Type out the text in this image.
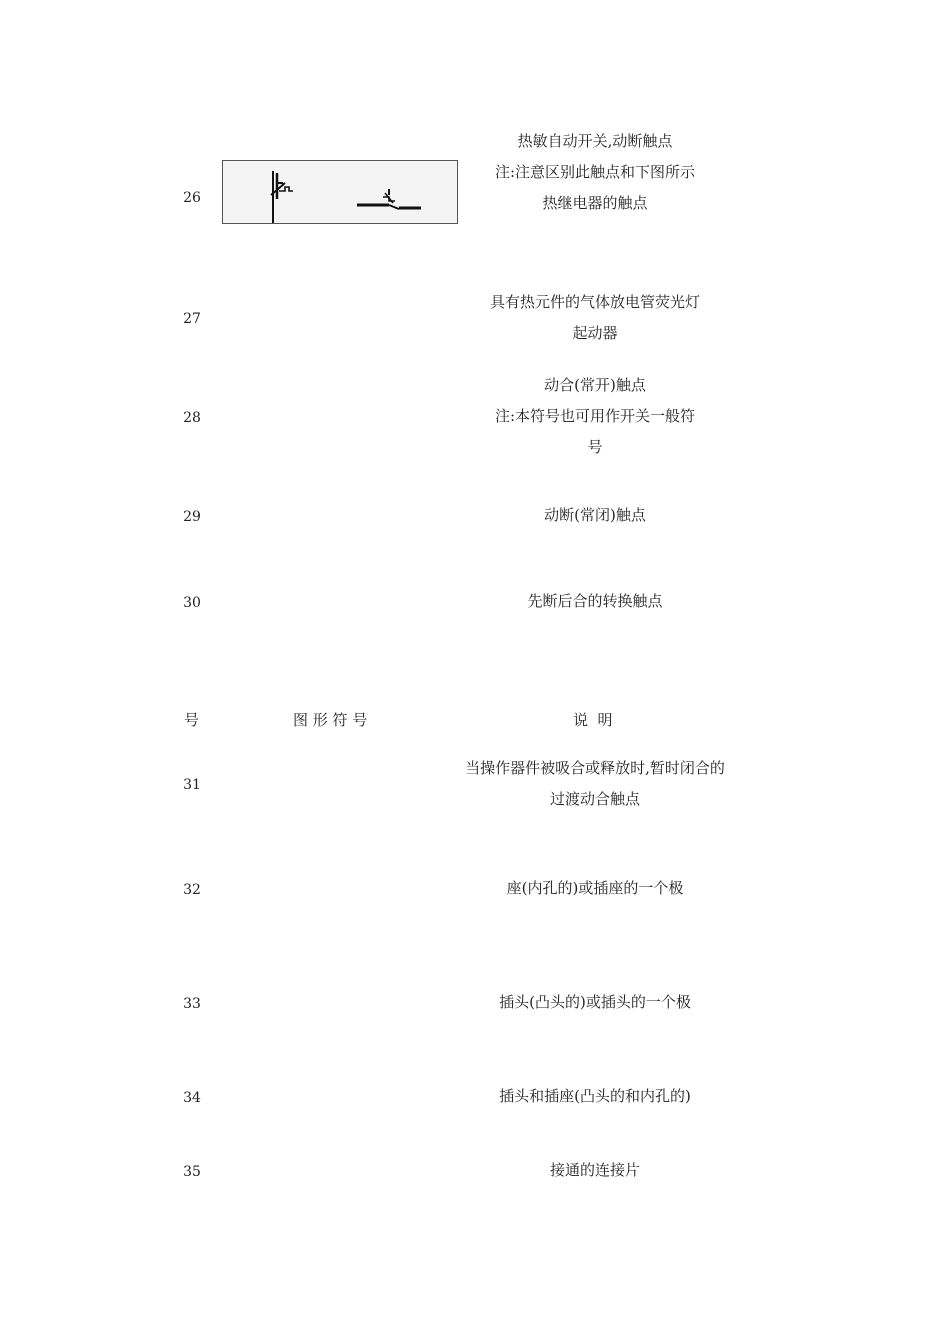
26
热敏自动开关,动断触点
注:注意区别此触点和下图所示
热继电器的触点
27
具有热元件的气体放电管荧光灯
起动器
28
动合(常开)触点
注:本符号也可用作开关一般符
号
29	动断(常闭)触点
30	先断后合的转换触点
号	图 形 符 号	说  明
31
当操作器件被吸合或释放时,暂时闭合的
过渡动合触点
32	座(内孔的)或插座的一个极
33	插头(凸头的)或插头的一个极
34	插头和插座(凸头的和内孔的)
35	接通的连接片
